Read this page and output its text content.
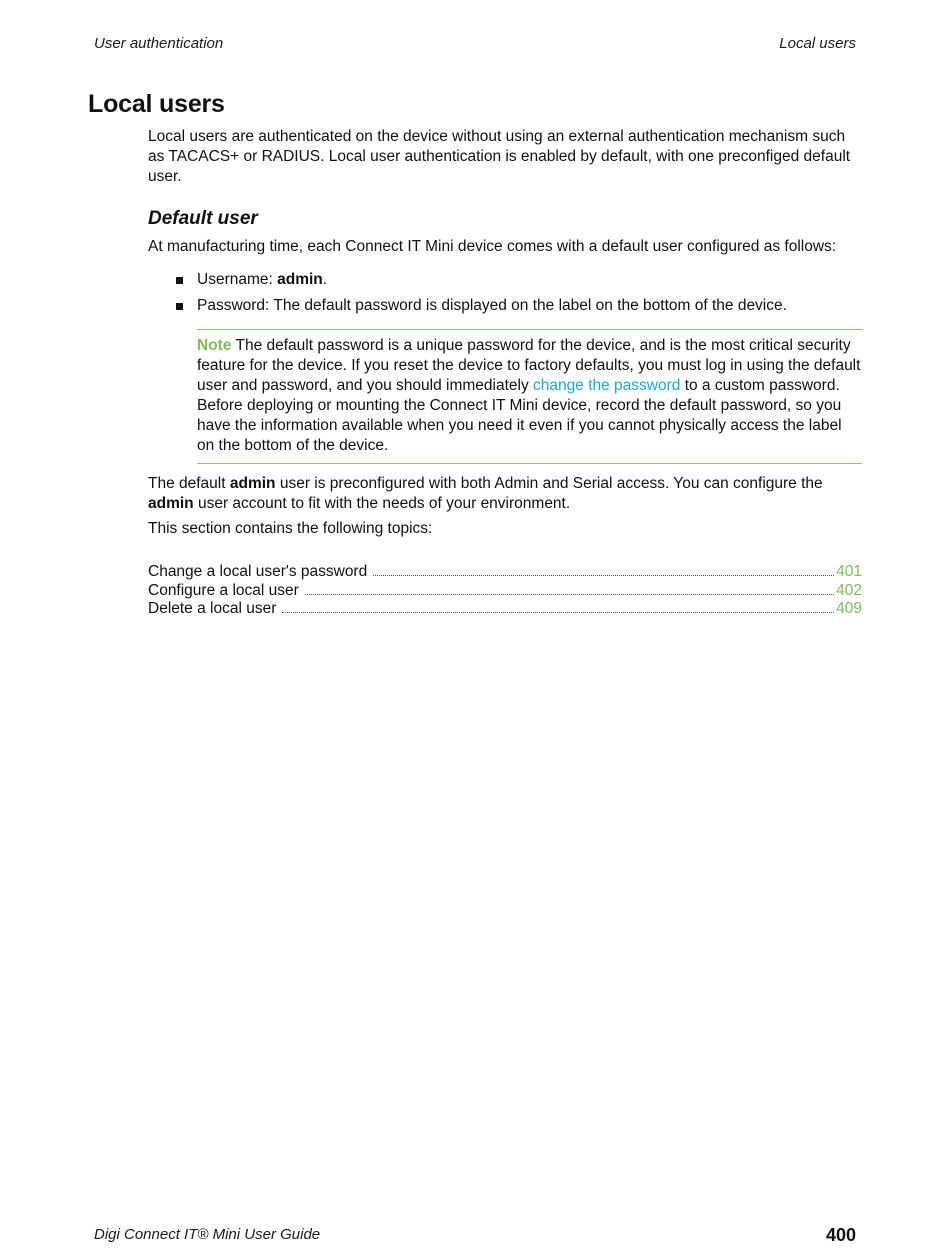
User authentication	Local users
Local users
Local users are authenticated on the device without using an external authentication mechanism such as TACACS+ or RADIUS. Local user authentication is enabled by default, with one preconfiged default user.
Default user
At manufacturing time, each Connect IT Mini device comes with a default user configured as follows:
Username: admin.
Password: The default password is displayed on the label on the bottom of the device.
Note The default password is a unique password for the device, and is the most critical security feature for the device. If you reset the device to factory defaults, you must log in using the default user and password, and you should immediately change the password to a custom password. Before deploying or mounting the Connect IT Mini device, record the default password, so you have the information available when you need it even if you cannot physically access the label on the bottom of the device.
The default admin user is preconfigured with both Admin and Serial access. You can configure the admin user account to fit with the needs of your environment.
This section contains the following topics:
Change a local user's password	401
Configure a local user	402
Delete a local user	409
Digi Connect IT® Mini User Guide	400
